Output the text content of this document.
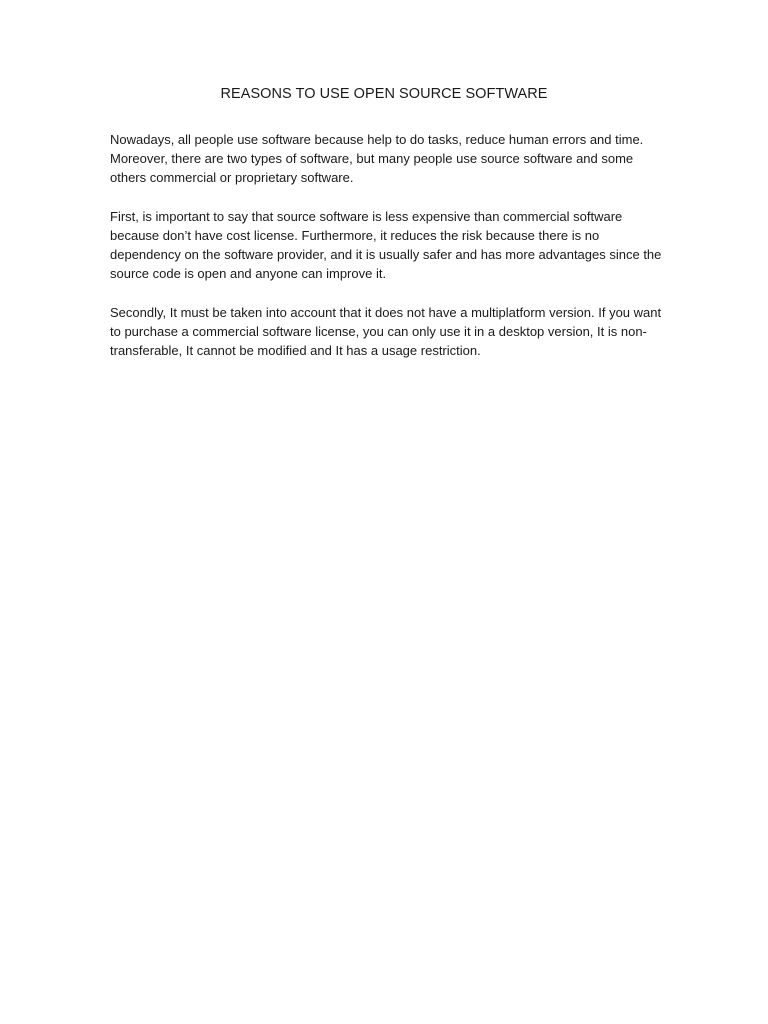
REASONS TO USE OPEN SOURCE SOFTWARE

Nowadays, all people use software because help to do tasks, reduce human errors and time. Moreover, there are two types of software, but many people use source software and some others commercial or proprietary software.

First, is important to say that source software is less expensive than commercial software because don’t have cost license. Furthermore, it reduces the risk because there is no dependency on the software provider, and it is usually safer and has more advantages since the source code is open and anyone can improve it.

Secondly, It must be taken into account that it does not have a multiplatform version. If you want to purchase a commercial software license, you can only use it in a desktop version, It is non-transferable, It cannot be modified and It has a usage restriction.
